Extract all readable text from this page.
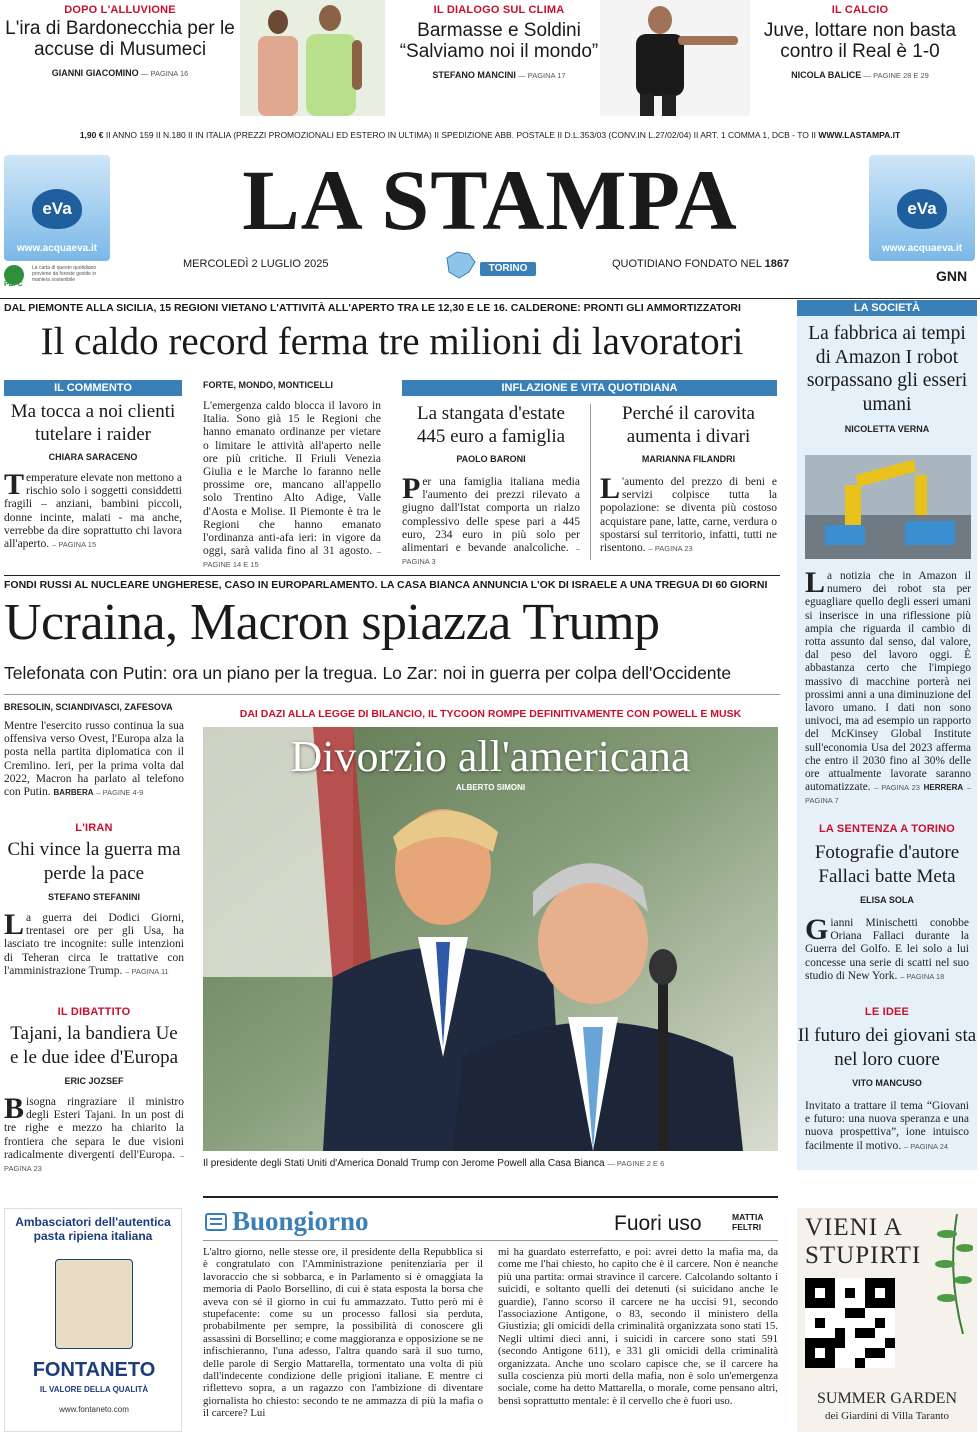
DOPO L'ALLUVIONE
L'ira di Bardonecchia per le accuse di Musumeci
GIANNI GIACOMINO — PAGINA 16
IL DIALOGO SUL CLIMA
Barmasse e Soldini “Salviamo noi il mondo”
STEFANO MANCINI — PAGINA 17
IL CALCIO
Juve, lottare non basta contro il Real è 1-0
NICOLA BALICE — PAGINE 28 E 29
1,90 € II ANNO 159 II N.180 II IN ITALIA (PREZZI PROMOZIONALI ED ESTERO IN ULTIMA) II SPEDIZIONE ABB. POSTALE II D.L.353/03 (CONV.IN L.27/02/04) II ART. 1 COMMA 1, DCB - TO II WWW.LASTAMPA.IT
eVa
www.acquaeva.it
eVa
www.acquaeva.it
PEFC
La carta di questo quotidiano proviene da foreste gestite in maniera sostenibile
LA STAMPA
MERCOLEDÌ 2 LUGLIO 2025	TORINO	QUOTIDIANO FONDATO NEL 1867
GNN
DAL PIEMONTE ALLA SICILIA, 15 REGIONI VIETANO L'ATTIVITÀ ALL'APERTO TRA LE 12,30 E LE 16. CALDERONE: PRONTI GLI AMMORTIZZATORI
Il caldo record ferma tre milioni di lavoratori
IL COMMENTO
Ma tocca a noi clienti tutelare i raider
CHIARA SARACENO
Temperature elevate non mettono a rischio solo i soggetti considdetti fragili – anziani, bambini piccoli, donne incinte, malati - ma anche, verrebbe da dire soprattutto chi lavora all'aperto. – PAGINA 15
FORTE, MONDO, MONTICELLI
L'emergenza caldo blocca il lavoro in Italia. Sono già 15 le Regioni che hanno emanato ordinanze per vietare o limitare le attività all'aperto nelle ore più critiche. Il Friuli Venezia Giulia e le Marche lo faranno nelle prossime ore, mancano all'appello solo Trentino Alto Adige, Valle d'Aosta e Molise. Il Piemonte è tra le Regioni che hanno emanato l'ordinanza anti-afa ieri: in vigore da oggi, sarà valida fino al 31 agosto. – PAGINE 14 E 15
INFLAZIONE E VITA QUOTIDIANA
La stangata d'estate 445 euro a famiglia
PAOLO BARONI
Per una famiglia italiana media l'aumento dei prezzi rilevato a giugno dall'Istat comporta un rialzo complessivo delle spese pari a 445 euro, 234 euro in più solo per alimentari e bevande analcoliche. – PAGINA 3
Perché il carovita aumenta i divari
MARIANNA FILANDRI
L 'aumento del prezzo di beni e servizi colpisce tutta la popolazione: se diventa più costoso acquistare pane, latte, carne, verdura o spostarsi sul territorio, infatti, tutti ne risentono. – PAGINA 23
FONDI RUSSI AL NUCLEARE UNGHERESE, CASO IN EUROPARLAMENTO. LA CASA BIANCA ANNUNCIA L'OK DI ISRAELE A UNA TREGUA DI 60 GIORNI
Ucraina, Macron spiazza Trump
Telefonata con Putin: ora un piano per la tregua. Lo Zar: noi in guerra per colpa dell'Occidente
BRESOLIN, SCIANDIVASCI, ZAFESOVA
Mentre l'esercito russo continua la sua offensiva verso Ovest, l'Europa alza la posta nella partita diplomatica con il Cremlino. Ieri, per la prima volta dal 2022, Macron ha parlato al telefono con Putin. BARBERA – PAGINE 4-9
L'IRAN
Chi vince la guerra ma perde la pace
STEFANO STEFANINI
La guerra dei Dodici Giorni, trentasei ore per gli Usa, ha lasciato tre incognite: sulle intenzioni di Teheran circa le trattative con l'amministrazione Trump. – PAGINA 11
IL DIBATTITO
Tajani, la bandiera Ue e le due idee d'Europa
ERIC JOZSEF
Bisogna ringraziare il ministro degli Esteri Tajani. In un post di tre righe e mezzo ha chiarito la frontiera che separa le due visioni radicalmente divergenti dell'Europa. – PAGINA 23
DAI DAZI ALLA LEGGE DI BILANCIO, IL TYCOON ROMPE DEFINITIVAMENTE CON POWELL E MUSK
Divorzio all'americana
ALBERTO SIMONI
Il presidente degli Stati Uniti d'America Donald Trump con Jerome Powell alla Casa Bianca — PAGINE 2 E 6
LA SOCIETÀ
La fabbrica ai tempi di Amazon I robot sorpassano gli esseri umani
NICOLETTA VERNA
La notizia che in Amazon il numero dei robot sta per eguagliare quello degli esseri umani si inserisce in una riflessione più ampia che riguarda il cambio di rotta assunto dal senso, dal valore, dal peso del lavoro oggi. È abbastanza certo che l'impiego massivo di macchine porterà nei prossimi anni a una diminuzione del lavoro umano. I dati non sono univoci, ma ad esempio un rapporto del McKinsey Global Institute sull'economia Usa del 2023 afferma che entro il 2030 fino al 30% delle ore attualmente lavorate saranno automatizzate. – PAGINA 23 HERRERA – PAGINA 7
LA SENTENZA A TORINO
Fotografie d'autore Fallaci batte Meta
ELISA SOLA
Gianni Minischetti conobbe Oriana Fallaci durante la Guerra del Golfo. E lei solo a lui concesse una serie di scatti nel suo studio di New York. – PAGINA 18
LE IDEE
Il futuro dei giovani sta nel loro cuore
VITO MANCUSO
Invitato a trattare il tema “Giovani e futuro: una nuova speranza e una nuova prospettiva”, ione intuisco facilmente il motivo. – PAGINA 24
Ambasciatori dell'autentica pasta ripiena italiana
FONTANETO
IL VALORE DELLA QUALITÀ
www.fontaneto.com
Buongiorno	Fuori uso	MATTIA FELTRI
L'altro giorno, nelle stesse ore, il presidente della Repubblica si è congratulato con l'Amministrazione penitenziaria per il lavoraccio che si sobbarca, e in Parlamento si è omaggiata la memoria di Paolo Borsellino, di cui è stata esposta la borsa che aveva con sé il giorno in cui fu ammazzato. Tutto però mi è stupefacente: come su un processo fallosi sia perduta, probabilmente per sempre, la possibilità di conoscere gli assassini di Borsellino; e come maggioranza e opposizione se ne infischieranno, l'una adesso, l'altra quando sarà il suo turno, delle parole di Sergio Mattarella, tormentato una volta di più dall'indecente condizione delle prigioni italiane. E mentre ci riflettevo sopra, a un ragazzo con l'ambizione di diventare giornalista ho chiesto: secondo te ne ammazza di più la mafia o il carcere? Lui
mi ha guardato esterrefatto, e poi: avrei detto la mafia ma, da come me l'hai chiesto, ho capito che è il carcere. Non è neanche più una partita: ormai stravince il carcere. Calcolando soltanto i suicidi, e soltanto quelli dei detenuti (si suicidano anche le guardie), l'anno scorso il carcere ne ha uccisi 91, secondo l'associazione Antigone, o 83, secondo il ministero della Giustizia; gli omicidi della criminalità organizzata sono stati 15. Negli ultimi dieci anni, i suicidi in carcere sono stati 591 (secondo Antigone 611), e 331 gli omicidi della criminalità organizzata. Anche uno scolaro capisce che, se il carcere ha sulla coscienza più morti della mafia, non è solo un'emergenza sociale, come ha detto Mattarella, o morale, come pensano altri, bensì soprattutto mentale: è il cervello che è fuori uso.
VIENI A STUPIRTI
SUMMER GARDEN
dei Giardini di Villa Taranto
